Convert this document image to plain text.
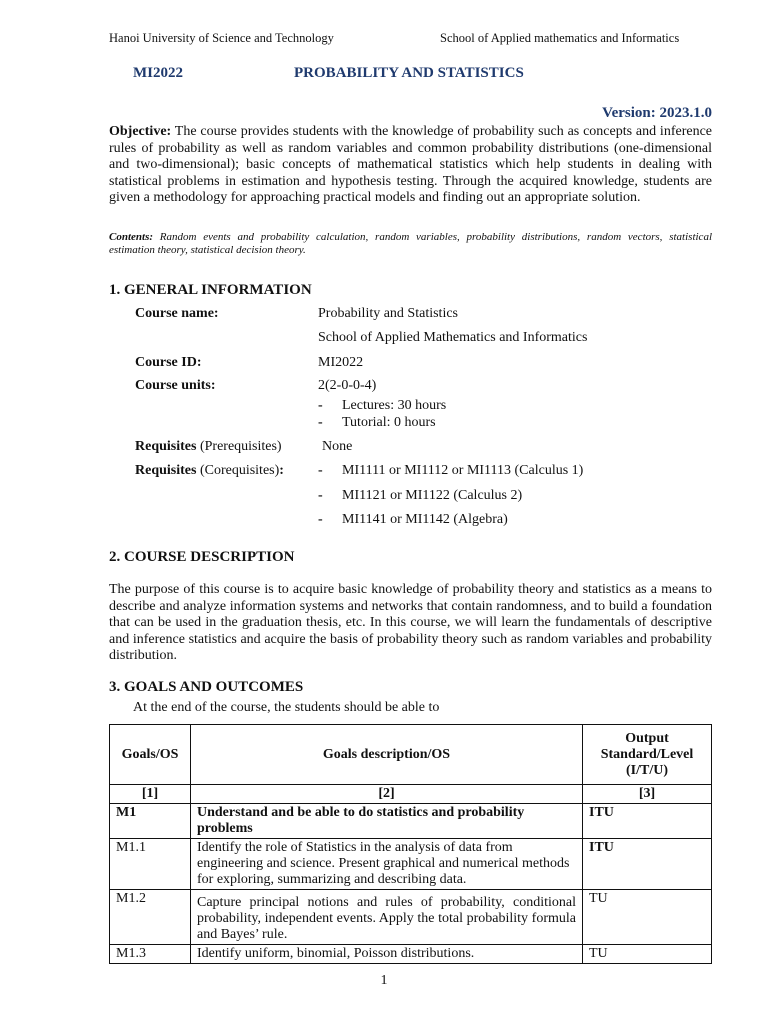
Hanoi University of Science and Technology	School of Applied mathematics and Informatics
MI2022	PROBABILITY AND STATISTICS
Version: 2023.1.0
Objective: The course provides students with the knowledge of probability such as concepts and inference rules of probability as well as random variables and common probability distributions (one-dimensional and two-dimensional); basic concepts of mathematical statistics which help students in dealing with statistical problems in estimation and hypothesis testing. Through the acquired knowledge, students are given a methodology for approaching practical models and finding out an appropriate solution.
Contents: Random events and probability calculation, random variables, probability distributions, random vectors, statistical estimation theory, statistical decision theory.
1. GENERAL INFORMATION
Course name:	Probability and Statistics
School of Applied Mathematics and Informatics
Course ID:	MI2022
Course units:	2(2-0-0-4)
- Lectures: 30 hours
- Tutorial: 0 hours
Requisites (Prerequisites)	None
Requisites (Corequisites): - MI1111 or MI1112 or MI1113 (Calculus 1)
- MI1121 or MI1122 (Calculus 2)
- MI1141 or MI1142 (Algebra)
2. COURSE DESCRIPTION
The purpose of this course is to acquire basic knowledge of probability theory and statistics as a means to describe and analyze information systems and networks that contain randomness, and to build a foundation that can be used in the graduation thesis, etc. In this course, we will learn the fundamentals of descriptive and inference statistics and acquire the basis of probability theory such as random variables and probability distribution.
3. GOALS AND OUTCOMES
At the end of the course, the students should be able to
Goals/OS	Goals description/OS	Output Standard/Level (I/T/U)
[1]	[2]	[3]
M1	Understand and be able to do statistics and probability problems	ITU
M1.1	Identify the role of Statistics in the analysis of data from engineering and science. Present graphical and numerical methods for exploring, summarizing and describing data.	ITU
M1.2	Capture principal notions and rules of probability, conditional probability, independent events. Apply the total probability formula and Bayes’ rule.	TU
M1.3	Identify uniform, binomial, Poisson distributions.	TU
1
